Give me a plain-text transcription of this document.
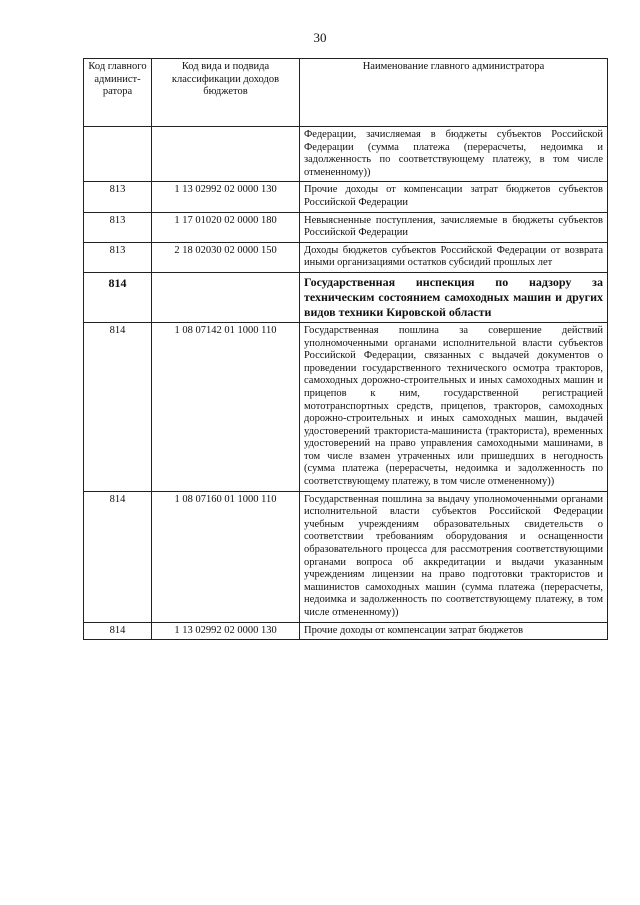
30
Код главного админист-ратора	Код вида и подвида классификации доходов бюджетов	Наименование главного администратора
		Федерации, зачисляемая в бюджеты субъектов Российской Федерации (сумма платежа (перерасчеты, недоимка и задолженность по соответствующему платежу, в том числе отмененному))
813	1 13 02992 02 0000 130	Прочие доходы от компенсации затрат бюджетов субъектов Российской Федерации
813	1 17 01020 02 0000 180	Невыясненные поступления, зачисляемые в бюджеты субъектов Российской Федерации
813	2 18 02030 02 0000 150	Доходы бюджетов субъектов Российской Федерации от возврата иными организациями остатков субсидий прошлых лет
814		Государственная инспекция по надзору за техническим состоянием самоходных машин и других видов техники Кировской области
814	1 08 07142 01 1000 110	Государственная пошлина за совершение действий уполномоченными органами исполнительной власти субъектов Российской Федерации, связанных с выдачей документов о проведении государственного технического осмотра тракторов, самоходных дорожно-строительных и иных самоходных машин и прицепов к ним, государственной регистрацией мототранспортных средств, прицепов, тракторов, самоходных дорожно-строительных и иных самоходных машин, выдачей удостоверений тракториста-машиниста (тракториста), временных удостоверений на право управления самоходными машинами, в том числе взамен утраченных или пришедших в негодность (сумма платежа (перерасчеты, недоимка и задолженность по соответствующему платежу, в том числе отмененному))
814	1 08 07160 01 1000 110	Государственная пошлина за выдачу уполномоченными органами исполнительной власти субъектов Российской Федерации учебным учреждениям образовательных свидетельств о соответствии требованиям оборудования и оснащенности образовательного процесса для рассмотрения соответствующими органами вопроса об аккредитации и выдачи указанным учреждениям лицензии на право подготовки трактористов и машинистов самоходных машин (сумма платежа (перерасчеты, недоимка и задолженность по соответствующему платежу, в том числе отмененному))
814	1 13 02992 02 0000 130	Прочие доходы от компенсации затрат бюджетов
